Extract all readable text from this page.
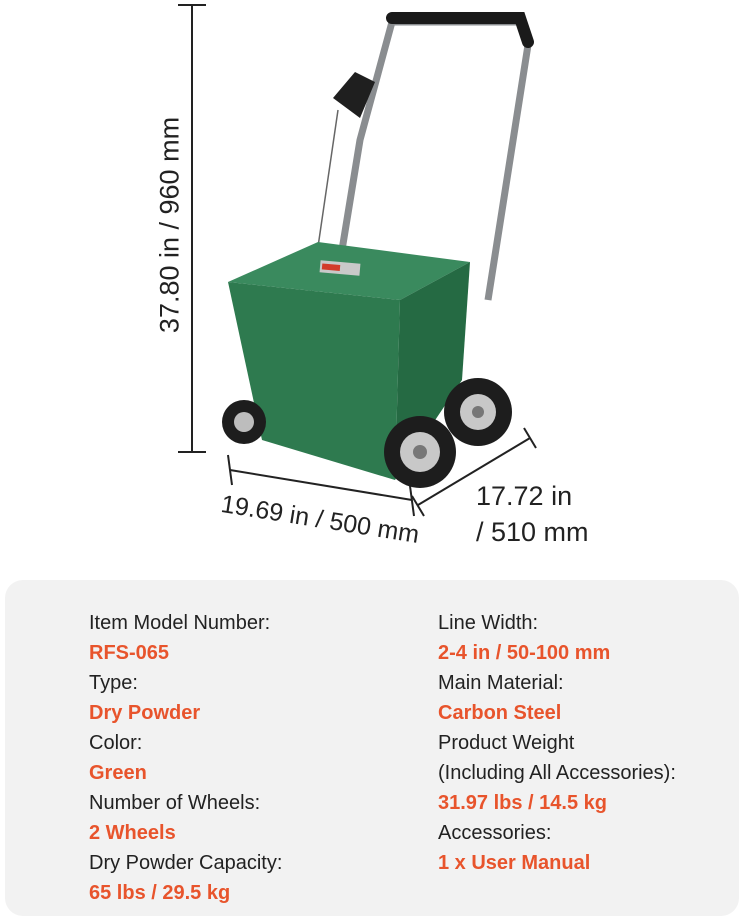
37.80 in / 960 mm
19.69 in / 500 mm 17.72 in
/ 510 mm
Item Model Number:
RFS-065
Type:
Dry Powder
Color:
Green
Number of Wheels:
2 Wheels
Dry Powder Capacity:
65 lbs / 29.5 kg
Line Width:
2-4 in / 50-100 mm
Main Material:
Carbon Steel
Product Weight
(Including All Accessories):
31.97 lbs / 14.5 kg
Accessories:
1 x User Manual
